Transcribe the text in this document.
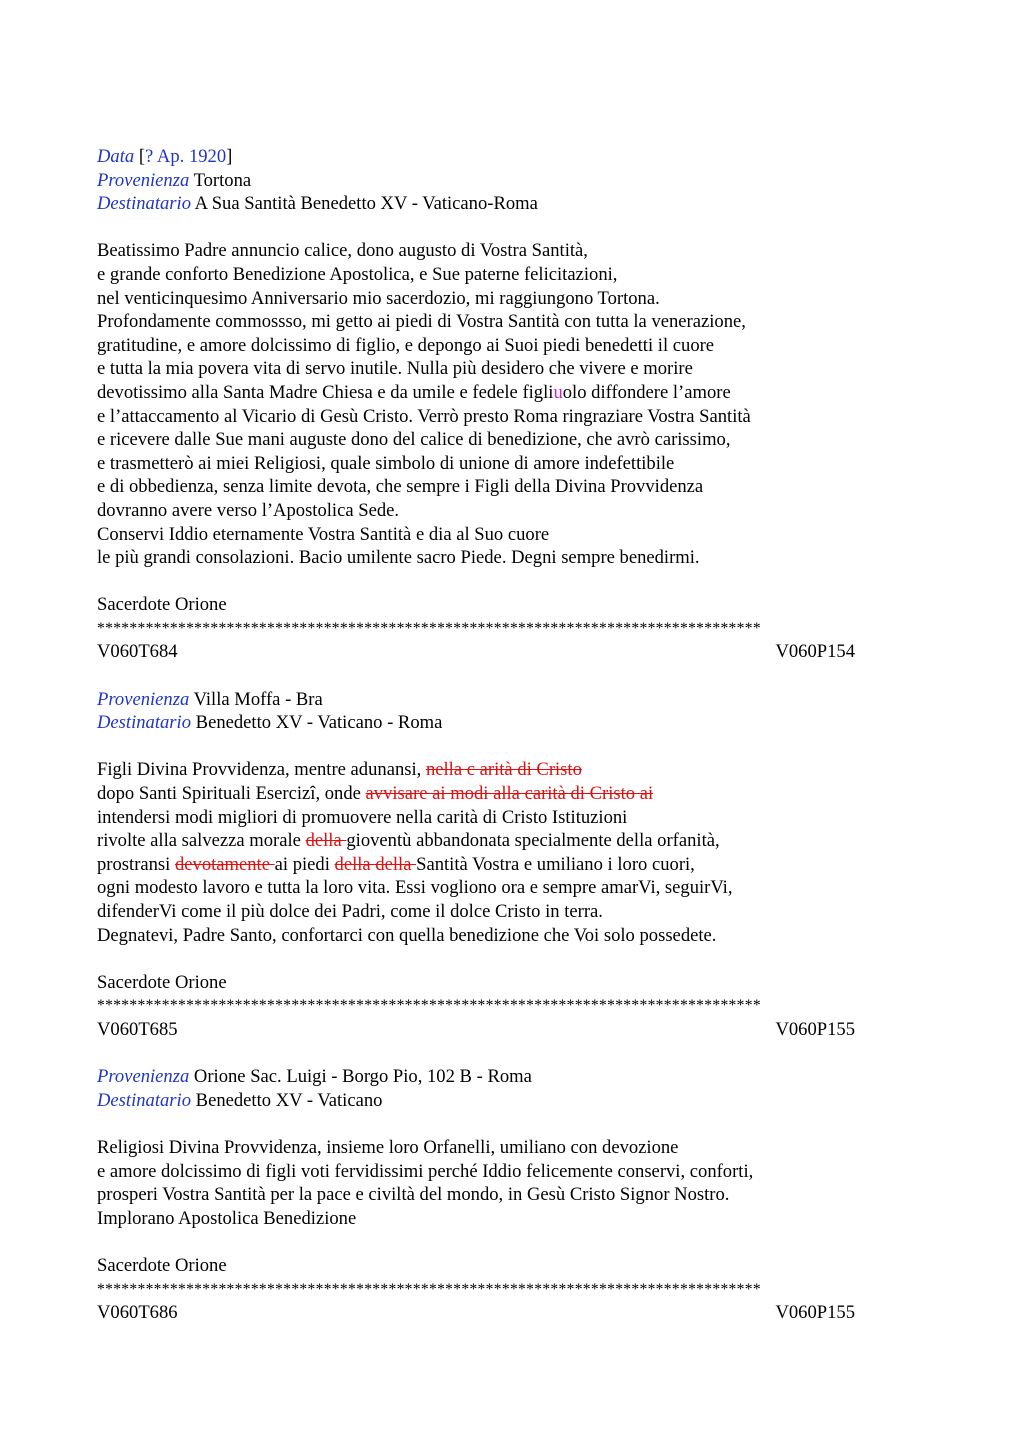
Data [? Ap. 1920]
Provenienza Tortona
Destinatario A Sua Santità Benedetto XV - Vaticano-Roma
Beatissimo Padre annuncio calice, dono augusto di Vostra Santità,
e grande conforto Benedizione Apostolica, e Sue paterne felicitazioni,
nel venticinquesimo Anniversario mio sacerdozio, mi raggiungono Tortona.
Profondamente commossso, mi getto ai piedi di Vostra Santità con tutta la venerazione,
gratitudine, e amore dolcissimo di figlio, e depongo ai Suoi piedi benedetti il cuore
e tutta la mia povera vita di servo inutile. Nulla più desidero che vivere e morire
devotissimo alla Santa Madre Chiesa e da umile e fedele figliuolo diffondere l’amore
e l’attaccamento al Vicario di Gesù Cristo. Verrò presto Roma ringraziare Vostra Santità
e ricevere dalle Sue mani auguste dono del calice di benedizione, che avrò carissimo,
e trasmetterò ai miei Religiosi, quale simbolo di unione di amore indefettibile
e di obbedienza, senza limite devota, che sempre i Figli della Divina Provvidenza
dovranno avere verso l’Apostolica Sede.
Conservi Iddio eternamente Vostra Santità e dia al Suo cuore
le più grandi consolazioni. Bacio umilente sacro Piede. Degni sempre benedirmi.
Sacerdote Orione
**********************************************************************************
V060T684	V060P154
Provenienza Villa Moffa - Bra
Destinatario Benedetto XV - Vaticano - Roma
Figli Divina Provvidenza, mentre adunansi, nella c arità di Cristo
dopo Santi Spirituali Esercizî, onde avvisare ai modi alla carità di Cristo ai
intendersi modi migliori di promuovere nella carità di Cristo Istituzioni
rivolte alla salvezza morale della gioventù abbandonata specialmente della orfanità,
prostransi devotamente ai piedi della della Santità Vostra e umiliano i loro cuori,
ogni modesto lavoro e tutta la loro vita. Essi vogliono ora e sempre amarVi, seguirVi,
difenderVi come il più dolce dei Padri, come il dolce Cristo in terra.
Degnatevi, Padre Santo, confortarci con quella benedizione che Voi solo possedete.
Sacerdote Orione
**********************************************************************************
V060T685	V060P155
Provenienza Orione Sac. Luigi - Borgo Pio, 102 B - Roma
Destinatario Benedetto XV - Vaticano
Religiosi Divina Provvidenza, insieme loro Orfanelli, umiliano con devozione
e amore dolcissimo di figli voti fervidissimi perché Iddio felicemente conservi, conforti,
prosperi Vostra Santità per la pace e civiltà del mondo, in Gesù Cristo Signor Nostro.
Implorano Apostolica Benedizione
Sacerdote Orione
**********************************************************************************
V060T686	V060P155
